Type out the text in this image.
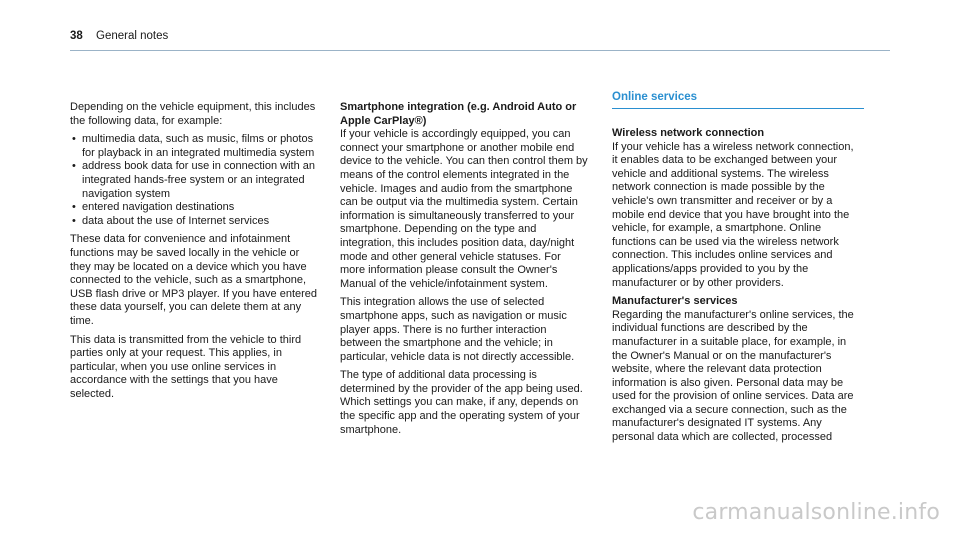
38 General notes

Depending on the vehicle equipment, this includes the following data, for example:

• multimedia data, such as music, films or photos for playback in an integrated multimedia system
• address book data for use in connection with an integrated hands-free system or an integrated navigation system
• entered navigation destinations
• data about the use of Internet services

These data for convenience and infotainment functions may be saved locally in the vehicle or they may be located on a device which you have connected to the vehicle, such as a smartphone, USB flash drive or MP3 player. If you have entered these data yourself, you can delete them at any time.

This data is transmitted from the vehicle to third parties only at your request. This applies, in particular, when you use online services in accordance with the settings that you have selected.

Smartphone integration (e.g. Android Auto or Apple CarPlay®)

If your vehicle is accordingly equipped, you can connect your smartphone or another mobile end device to the vehicle. You can then control them by means of the control elements integrated in the vehicle. Images and audio from the smartphone can be output via the multimedia system. Certain information is simultaneously transferred to your smartphone. Depending on the type and integration, this includes position data, day/night mode and other general vehicle statuses. For more information please consult the Owner's Manual of the vehicle/infotainment system.

This integration allows the use of selected smartphone apps, such as navigation or music player apps. There is no further interaction between the smartphone and the vehicle; in particular, vehicle data is not directly accessible.

The type of additional data processing is determined by the provider of the app being used. Which settings you can make, if any, depends on the specific app and the operating system of your smartphone.

Online services

Wireless network connection

If your vehicle has a wireless network connection, it enables data to be exchanged between your vehicle and additional systems. The wireless network connection is made possible by the vehicle's own transmitter and receiver or by a mobile end device that you have brought into the vehicle, for example, a smartphone. Online functions can be used via the wireless network connection. This includes online services and applications/apps provided to you by the manufacturer or by other providers.

Manufacturer's services

Regarding the manufacturer's online services, the individual functions are described by the manufacturer in a suitable place, for example, in the Owner's Manual or on the manufacturer's website, where the relevant data protection information is also given. Personal data may be used for the provision of online services. Data are exchanged via a secure connection, such as the manufacturer's designated IT systems. Any personal data which are collected, processed

carmanualsonline.info
